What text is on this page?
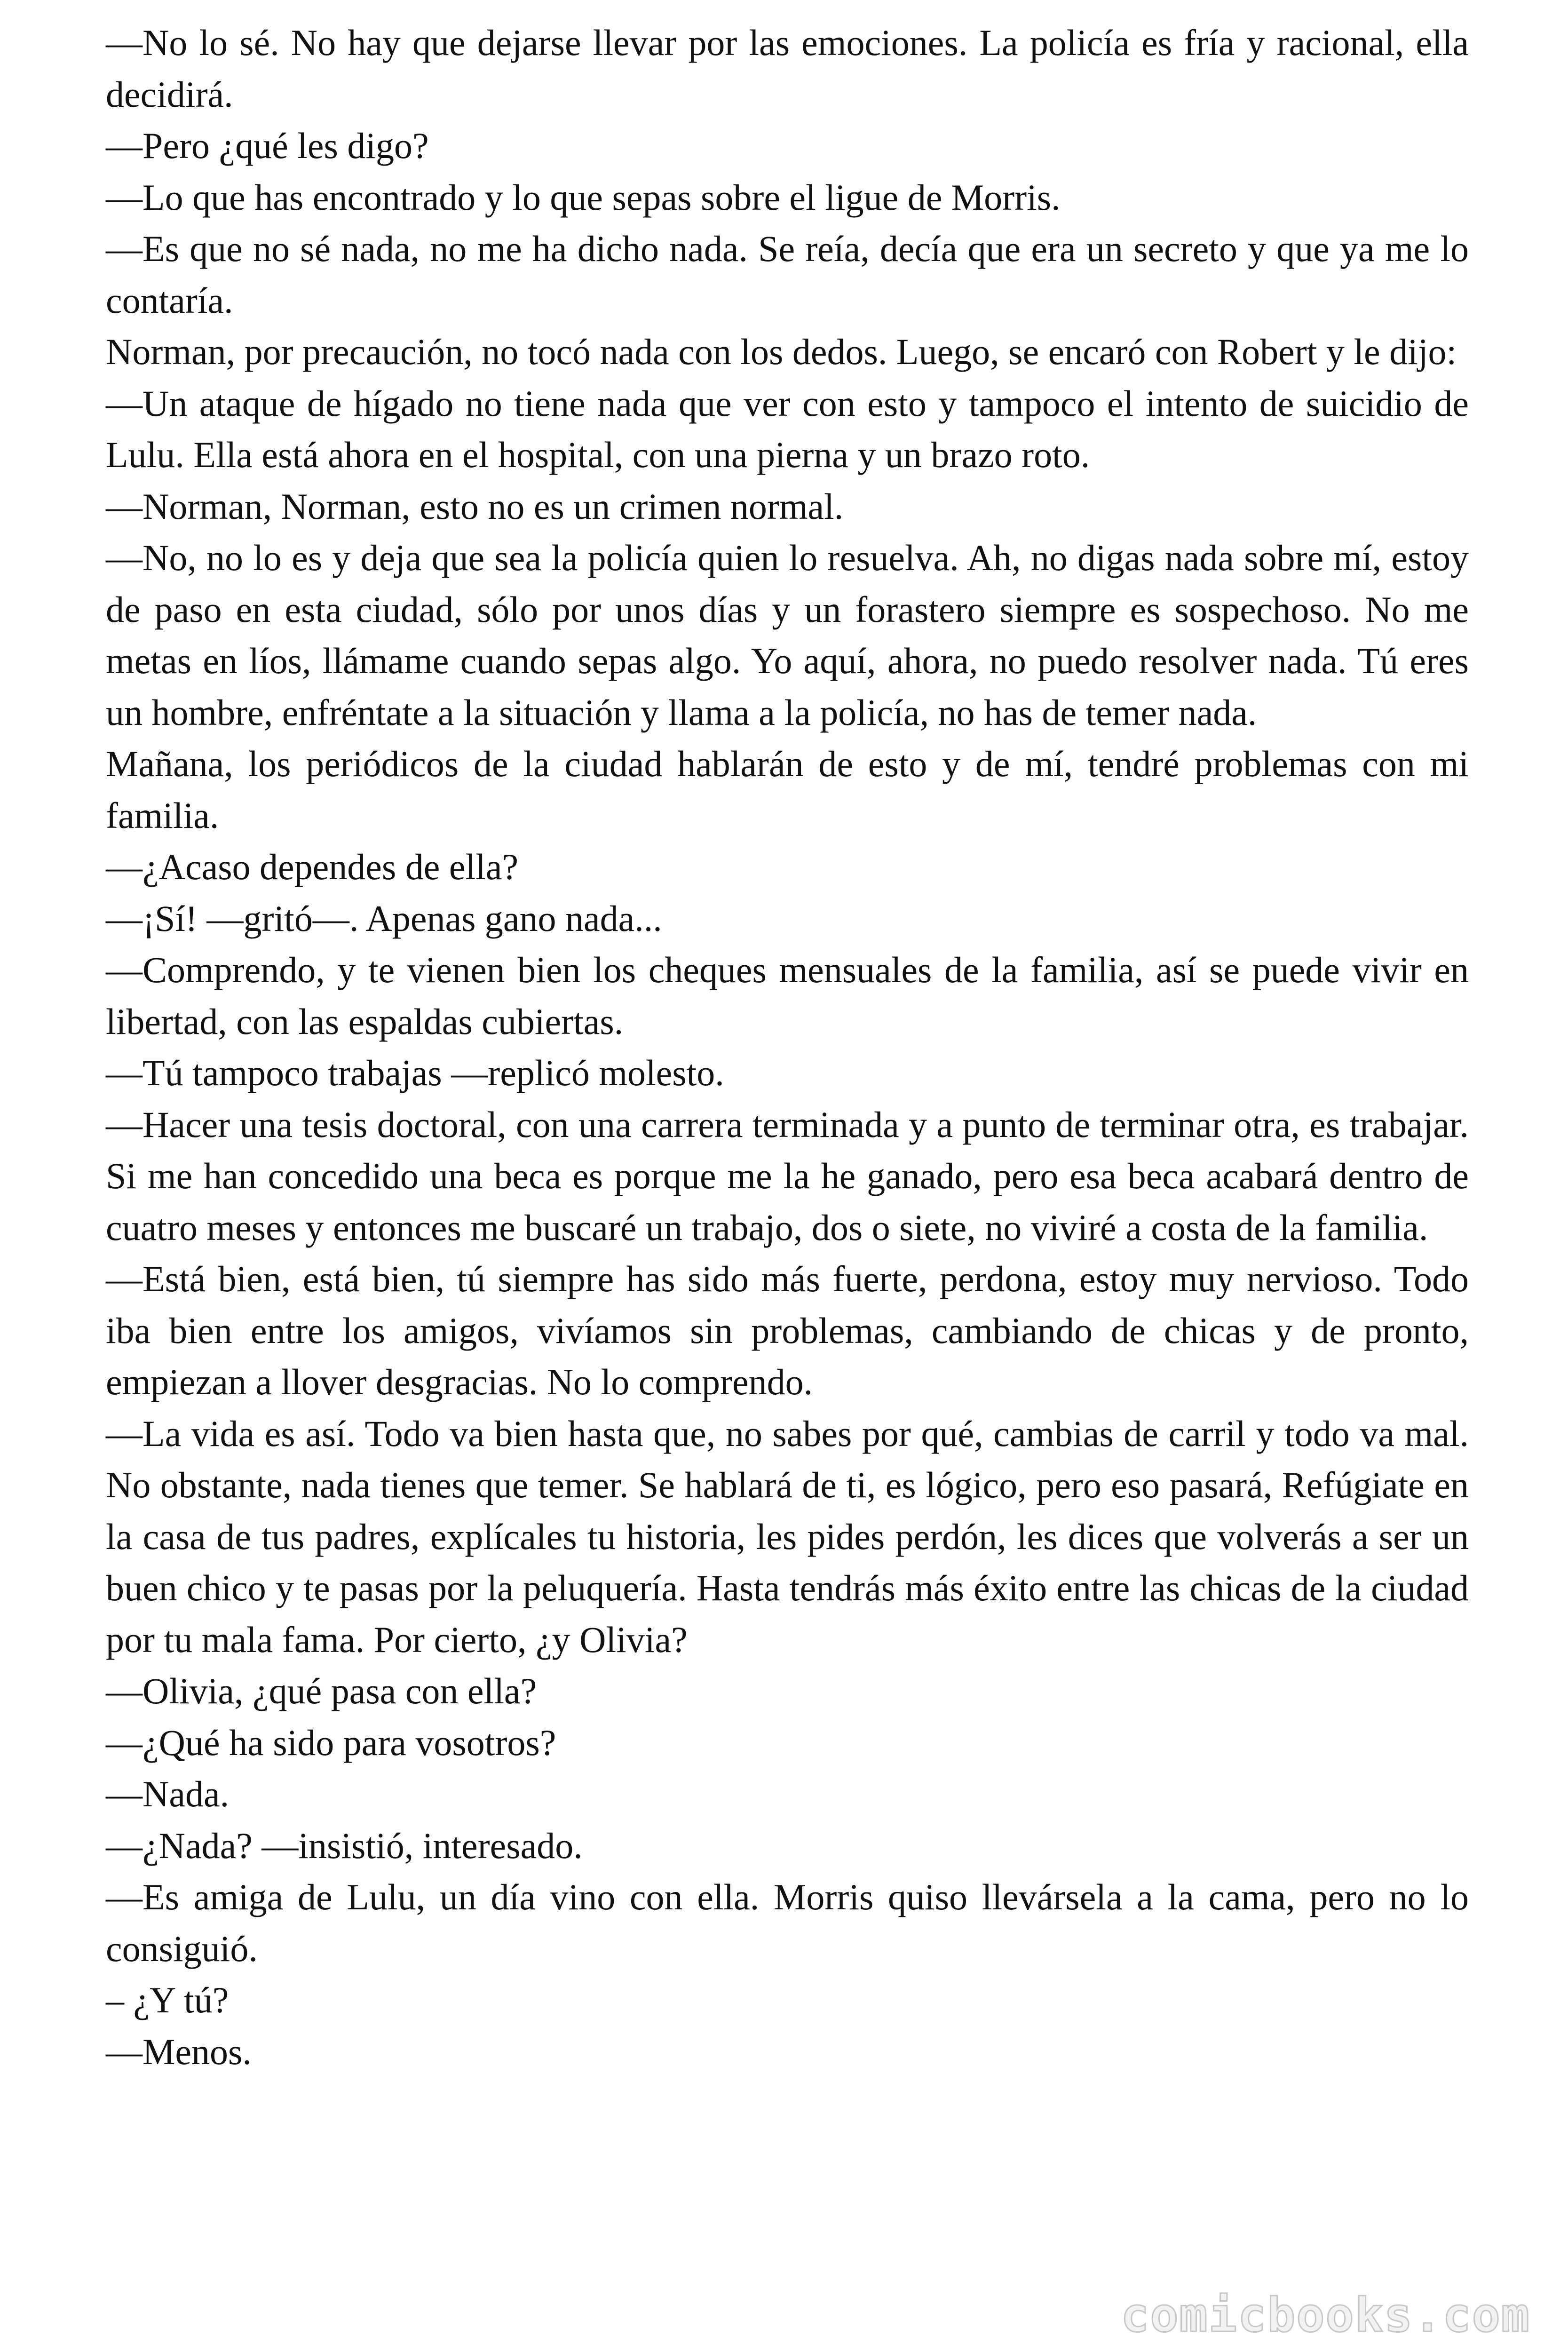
—No lo sé. No hay que dejarse llevar por las emociones. La policía es fría y racional, ella decidirá.

—Pero ¿qué les digo?

—Lo que has encontrado y lo que sepas sobre el ligue de Morris.

—Es que no sé nada, no me ha dicho nada. Se reía, decía que era un secreto y que ya me lo contaría.

Norman, por precaución, no tocó nada con los dedos. Luego, se encaró con Robert y le dijo:

—Un ataque de hígado no tiene nada que ver con esto y tampoco el intento de suicidio de Lulu. Ella está ahora en el hospital, con una pierna y un brazo roto.

—Norman, Norman, esto no es un crimen normal.

—No, no lo es y deja que sea la policía quien lo resuelva. Ah, no digas nada sobre mí, estoy de paso en esta ciudad, sólo por unos días y un forastero siempre es sospechoso. No me metas en líos, llámame cuando sepas algo. Yo aquí, ahora, no puedo resolver nada. Tú eres un hombre, enfréntate a la situación y llama a la policía, no has de temer nada.

Mañana, los periódicos de la ciudad hablarán de esto y de mí, tendré problemas con mi familia.

—¿Acaso dependes de ella?

—¡Sí! —gritó—. Apenas gano nada...

—Comprendo, y te vienen bien los cheques mensuales de la familia, así se puede vivir en libertad, con las espaldas cubiertas.

—Tú tampoco trabajas —replicó molesto.

—Hacer una tesis doctoral, con una carrera terminada y a punto de terminar otra, es trabajar. Si me han concedido una beca es porque me la he ganado, pero esa beca acabará dentro de cuatro meses y entonces me buscaré un trabajo, dos o siete, no viviré a costa de la familia.

—Está bien, está bien, tú siempre has sido más fuerte, perdona, estoy muy nervioso. Todo iba bien entre los amigos, vivíamos sin problemas, cambiando de chicas y de pronto, empiezan a llover desgracias. No lo comprendo.

—La vida es así. Todo va bien hasta que, no sabes por qué, cambias de carril y todo va mal. No obstante, nada tienes que temer. Se hablará de ti, es lógico, pero eso pasará, Refúgiate en la casa de tus padres, explícales tu historia, les pides perdón, les dices que volverás a ser un buen chico y te pasas por la peluquería. Hasta tendrás más éxito entre las chicas de la ciudad por tu mala fama. Por cierto, ¿y Olivia?

—Olivia, ¿qué pasa con ella?

—¿Qué ha sido para vosotros?

—Nada.

—¿Nada? —insistió, interesado.

—Es amiga de Lulu, un día vino con ella. Morris quiso llevársela a la cama, pero no lo consiguió.

– ¿Y tú?

—Menos.

comicbooks.com
